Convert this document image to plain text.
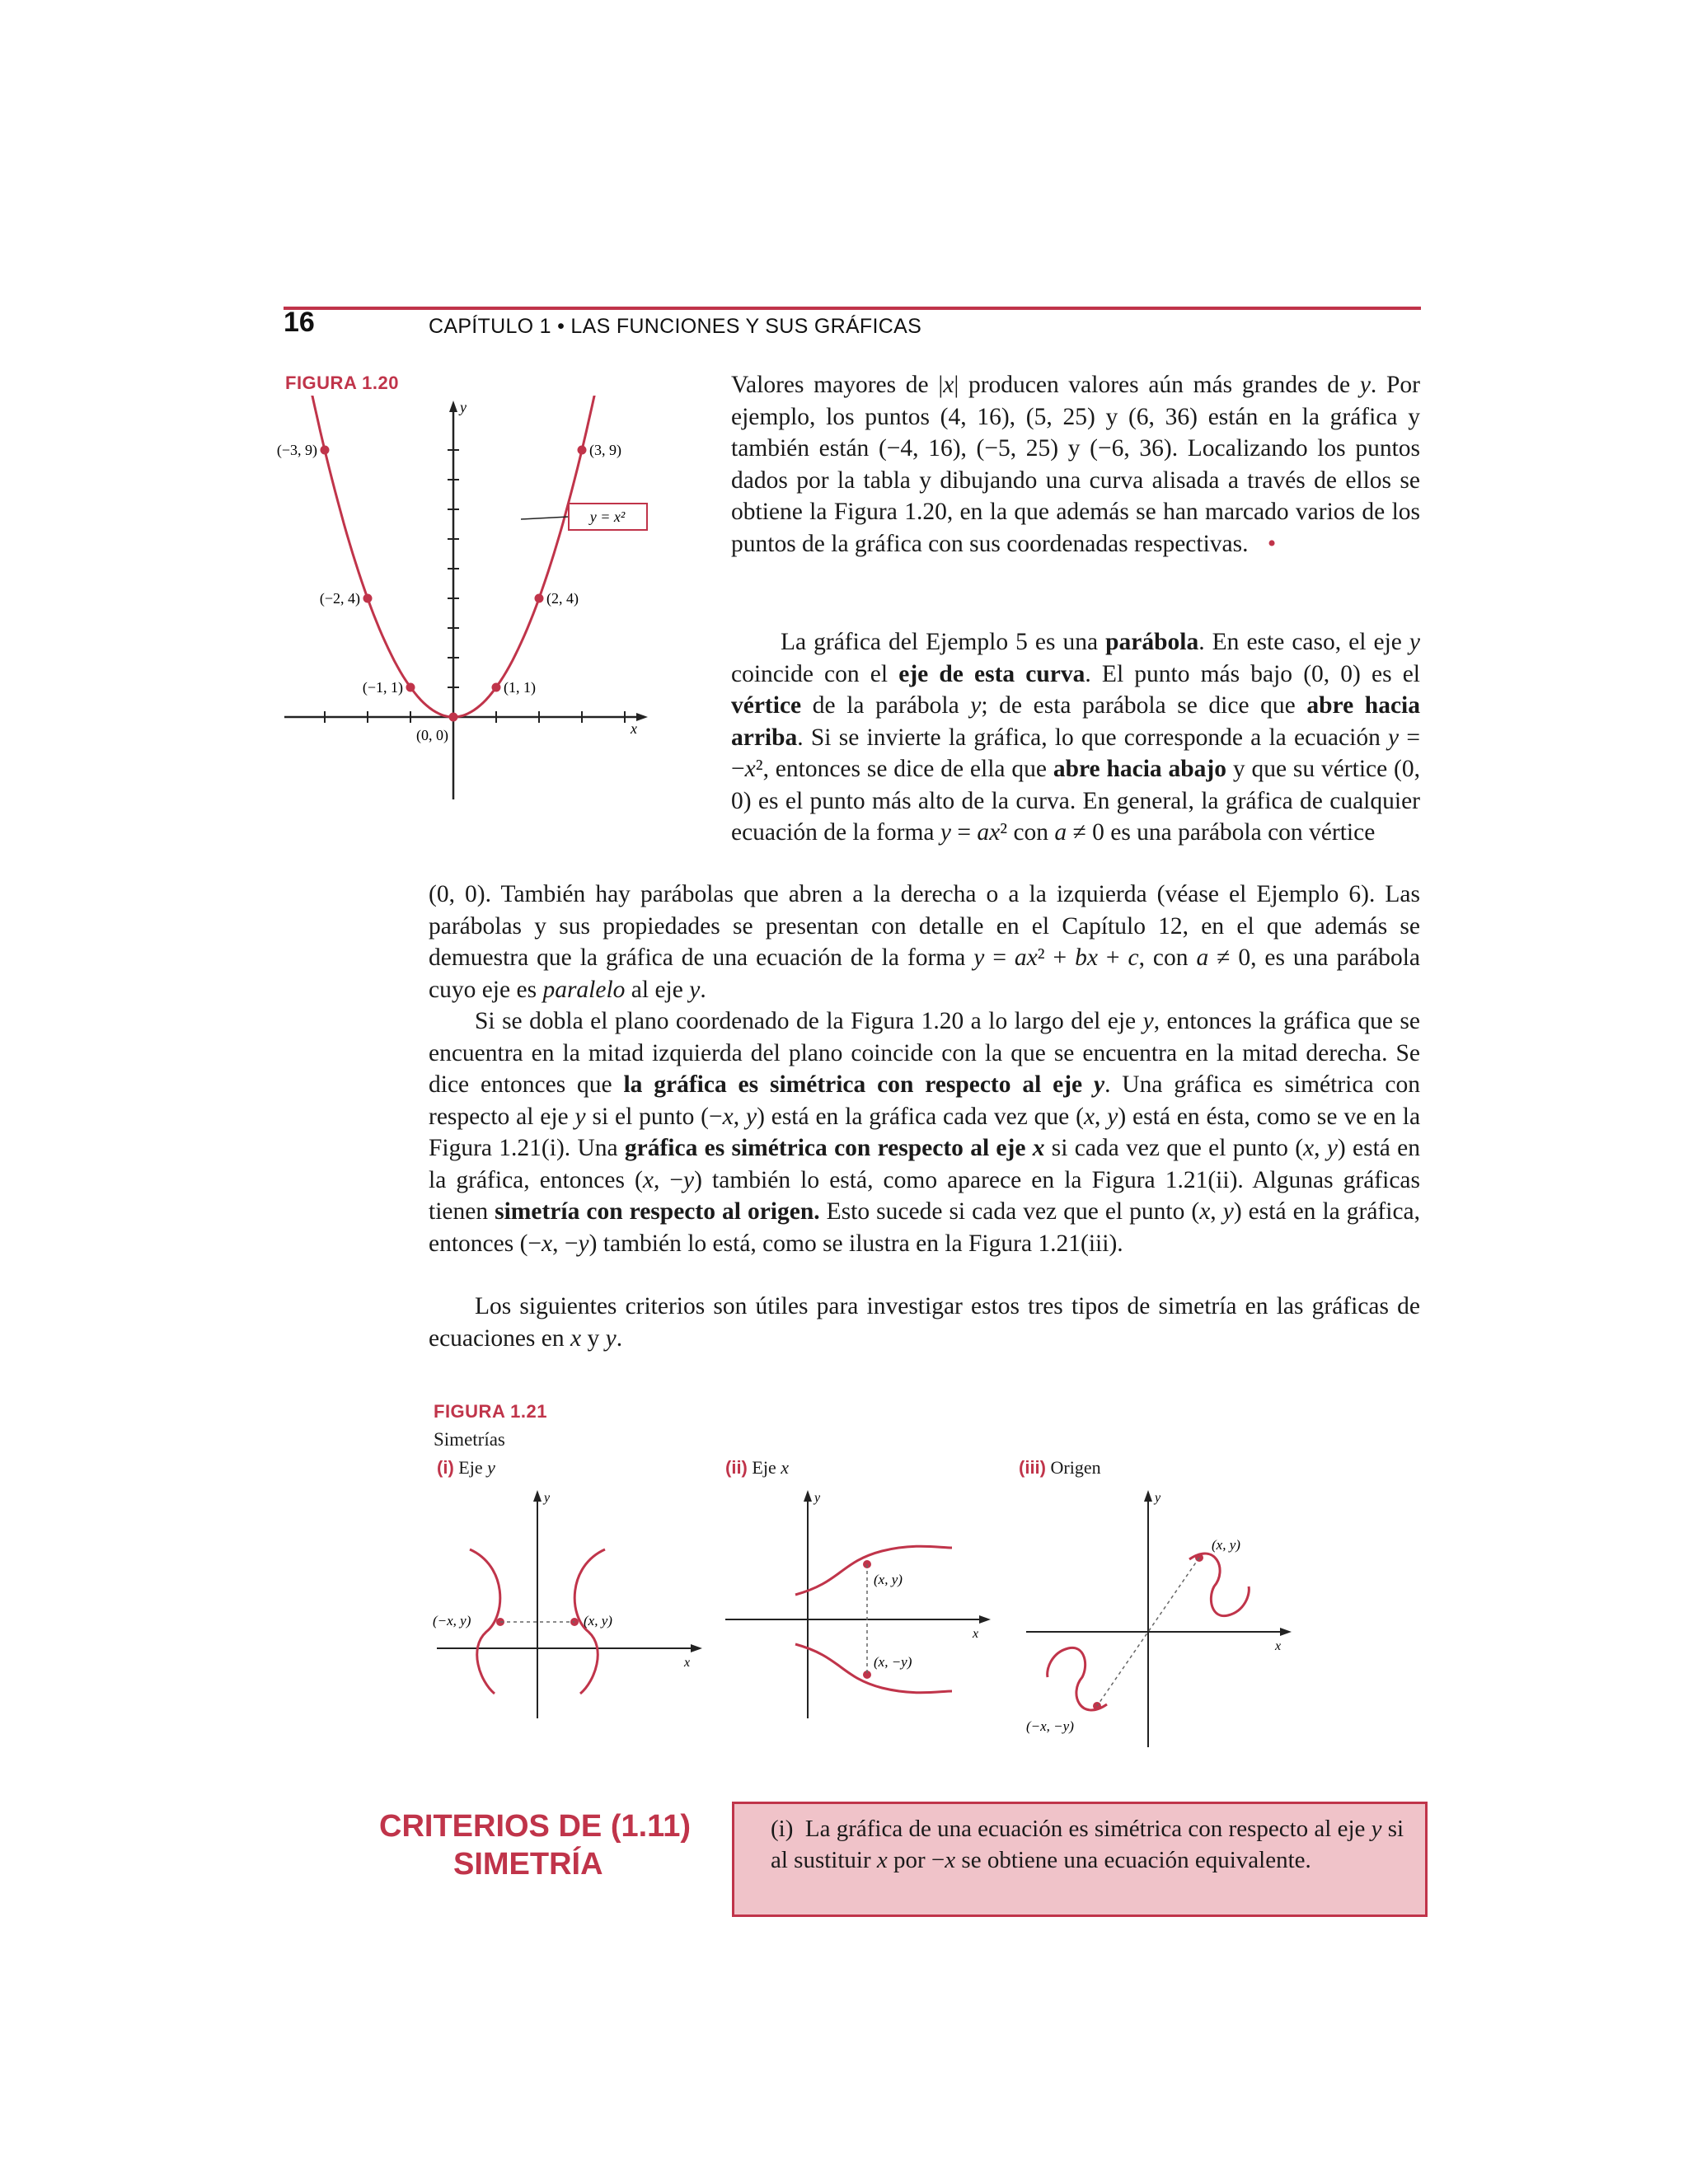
16	CAPÍTULO 1 • LAS FUNCIONES Y SUS GRÁFICAS
FIGURA 1.20
(−3, 9)	(3, 9)
(−2, 4)	(2, 4)
(−1, 1)	(1, 1)
(0, 0)
y = x²
y
x
Valores mayores de |x| producen valores aún más grandes de y. Por ejemplo, los puntos (4, 16), (5, 25) y (6, 36) están en la gráfica y también están (−4, 16), (−5, 25) y (−6, 36). Localizando los puntos dados por la tabla y dibujando una curva alisada a través de ellos se obtiene la Figura 1.20, en la que además se han marcado varios de los puntos de la gráfica con sus coordenadas respectivas. •
La gráfica del Ejemplo 5 es una parábola. En este caso, el eje y coincide con el eje de esta curva. El punto más bajo (0, 0) es el vértice de la parábola y; de esta parábola se dice que abre hacia arriba. Si se invierte la gráfica, lo que corresponde a la ecuación y = −x², entonces se dice de ella que abre hacia abajo y que su vértice (0, 0) es el punto más alto de la curva. En general, la gráfica de cualquier ecuación de la forma y = ax² con a ≠ 0 es una parábola con vértice
(0, 0). También hay parábolas que abren a la derecha o a la izquierda (véase el Ejemplo 6). Las parábolas y sus propiedades se presentan con detalle en el Capítulo 12, en el que además se demuestra que la gráfica de una ecuación de la forma y = ax² + bx + c, con a ≠ 0, es una parábola cuyo eje es paralelo al eje y.
Si se dobla el plano coordenado de la Figura 1.20 a lo largo del eje y, entonces la gráfica que se encuentra en la mitad izquierda del plano coincide con la que se encuentra en la mitad derecha. Se dice entonces que la gráfica es simétrica con respecto al eje y. Una gráfica es simétrica con respecto al eje y si el punto (−x, y) está en la gráfica cada vez que (x, y) está en ésta, como se ve en la Figura 1.21(i). Una gráfica es simétrica con respecto al eje x si cada vez que el punto (x, y) está en la gráfica, entonces (x, −y) también lo está, como aparece en la Figura 1.21(ii). Algunas gráficas tienen simetría con respecto al origen. Esto sucede si cada vez que el punto (x, y) está en la gráfica, entonces (−x, −y) también lo está, como se ilustra en la Figura 1.21(iii).
Los siguientes criterios son útiles para investigar estos tres tipos de simetría en las gráficas de ecuaciones en x y y.
FIGURA 1.21
Simetrías
(i) Eje y	(ii) Eje x	(iii) Origen
(−x, y)	(x, y)
y
x
(x, y)
(x, −y)
y
x
(x, y)
(−x, −y)
y
x
CRITERIOS DE (1.11)
SIMETRÍA
(i)  La gráfica de una ecuación es simétrica con respecto al eje y si al sustituir x por −x se obtiene una ecuación equivalente.
